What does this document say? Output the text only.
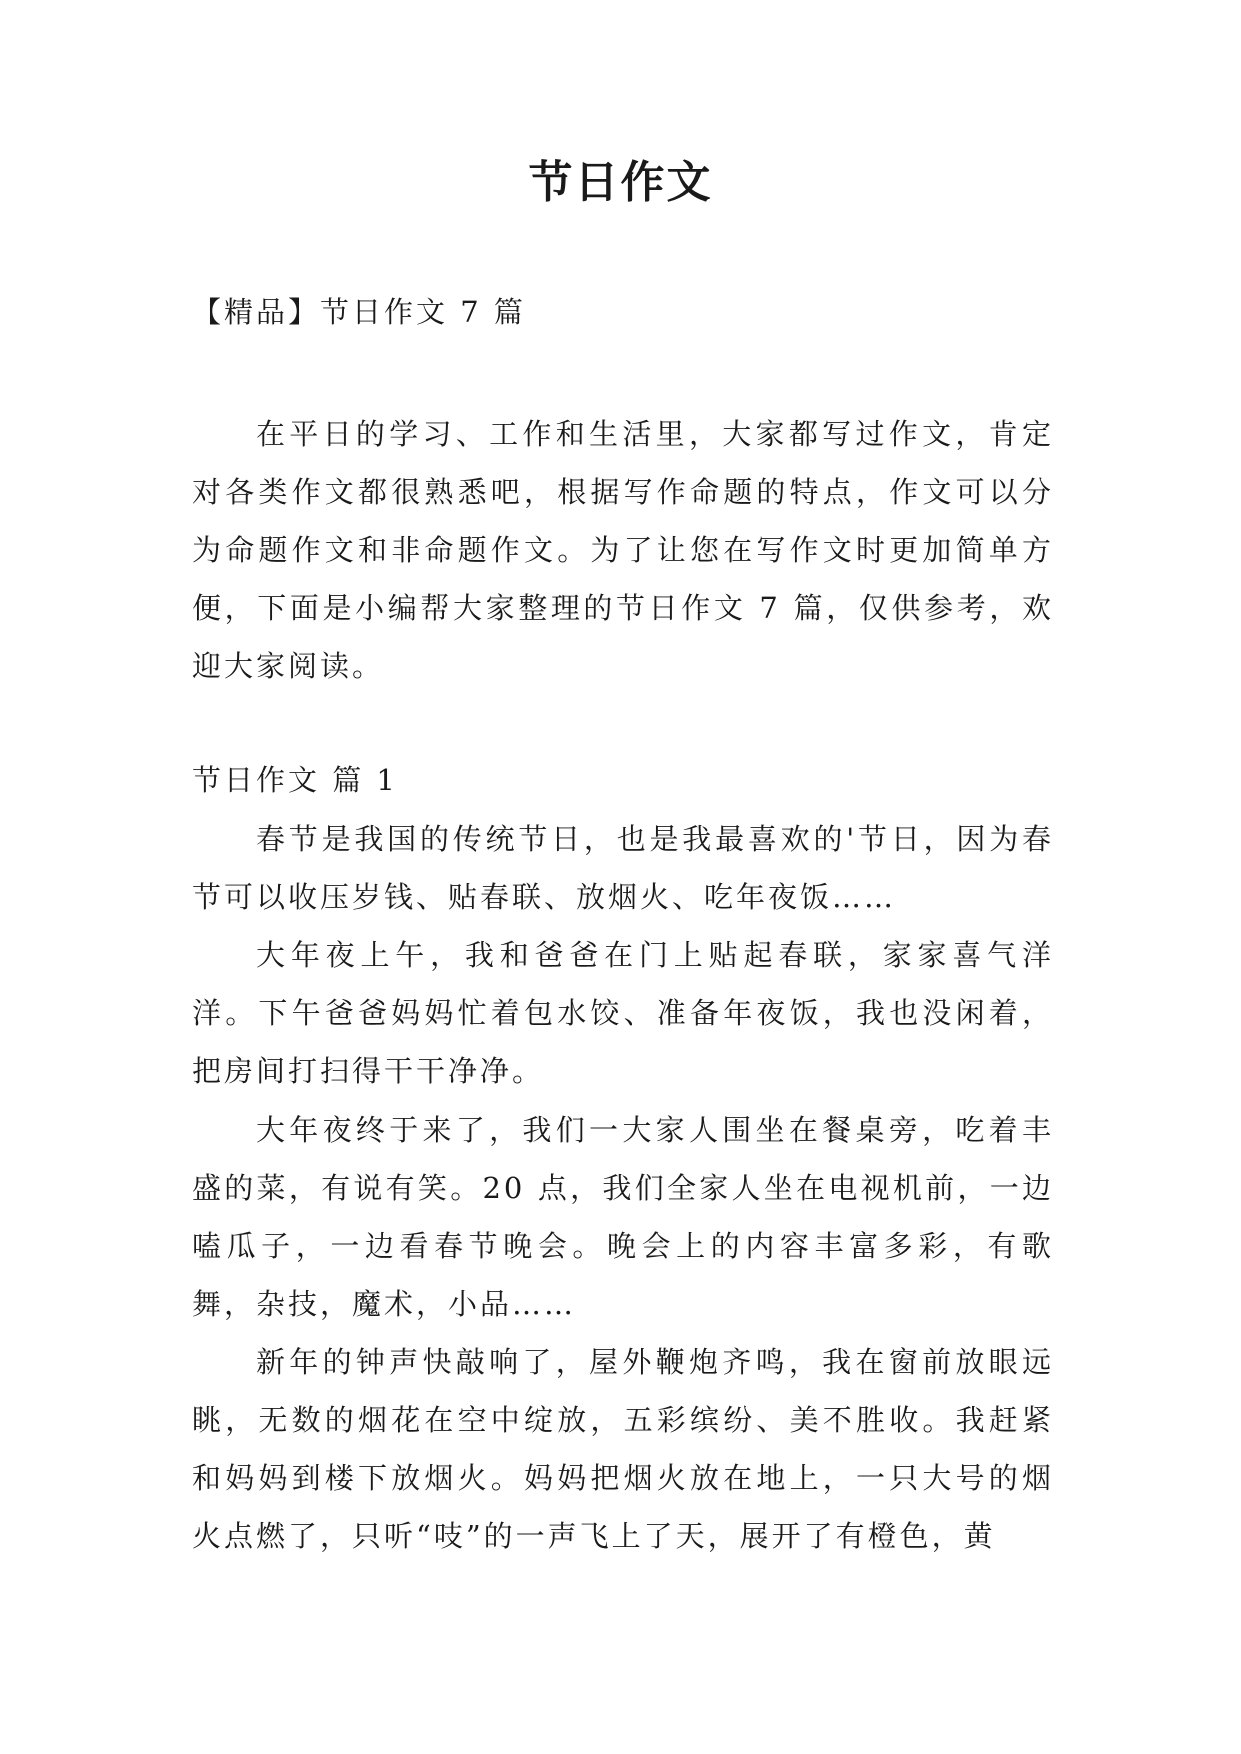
节日作文

【精品】节日作文 7 篇

在平日的学习、工作和生活里，大家都写过作文，肯定对各类作文都很熟悉吧，根据写作命题的特点，作文可以分为命题作文和非命题作文。为了让您在写作文时更加简单方便，下面是小编帮大家整理的节日作文 7 篇，仅供参考，欢迎大家阅读。

节日作文 篇 1

春节是我国的传统节日，也是我最喜欢的'节日，因为春节可以收压岁钱、贴春联、放烟火、吃年夜饭……

大年夜上午，我和爸爸在门上贴起春联，家家喜气洋洋。下午爸爸妈妈忙着包水饺、准备年夜饭，我也没闲着，把房间打扫得干干净净。

大年夜终于来了，我们一大家人围坐在餐桌旁，吃着丰盛的菜，有说有笑。20 点，我们全家人坐在电视机前，一边嗑瓜子，一边看春节晚会。晚会上的内容丰富多彩，有歌舞，杂技，魔术，小品……

新年的钟声快敲响了，屋外鞭炮齐鸣，我在窗前放眼远眺，无数的烟花在空中绽放，五彩缤纷、美不胜收。我赶紧和妈妈到楼下放烟火。妈妈把烟火放在地上，一只大号的烟火点燃了，只听“吱”的一声飞上了天，展开了有橙色，黄
